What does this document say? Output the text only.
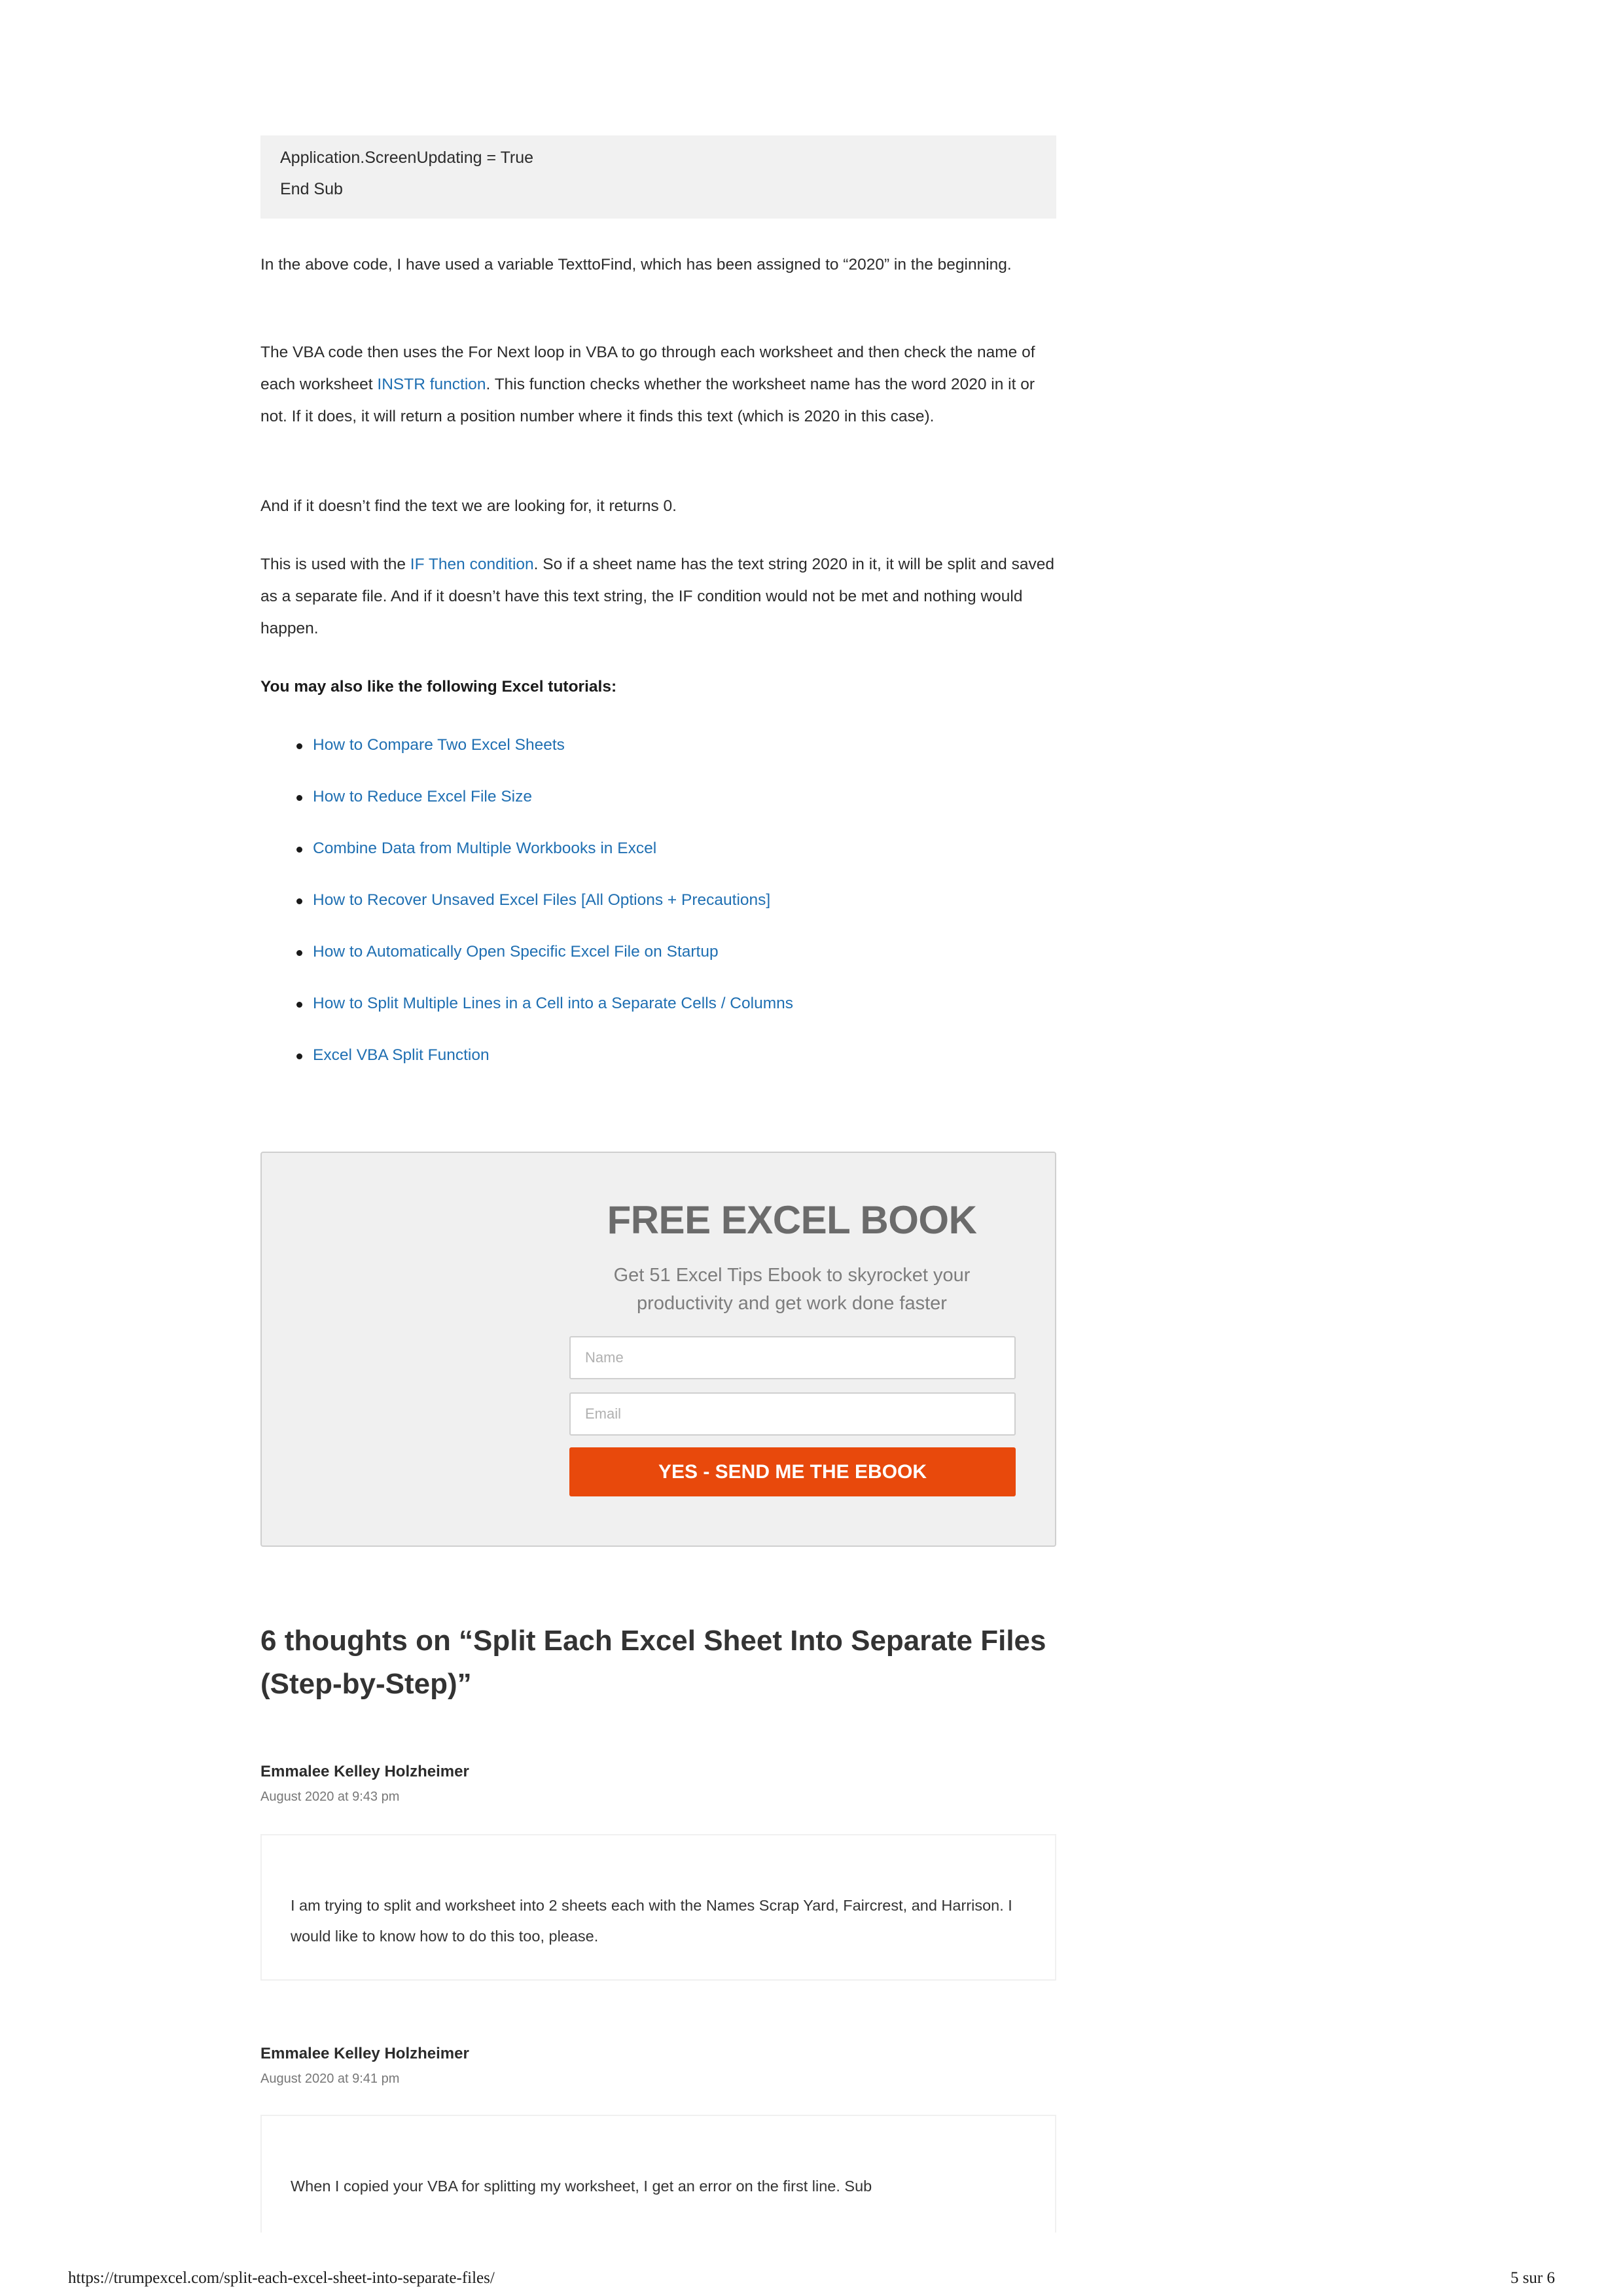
Application.ScreenUpdating = True
End Sub

In the above code, I have used a variable TexttoFind, which has been assigned to “2020” in the beginning.

The VBA code then uses the For Next loop in VBA to go through each worksheet and then check the name of each worksheet INSTR function. This function checks whether the worksheet name has the word 2020 in it or not. If it does, it will return a position number where it finds this text (which is 2020 in this case).

And if it doesn’t find the text we are looking for, it returns 0.

This is used with the IF Then condition. So if a sheet name has the text string 2020 in it, it will be split and saved as a separate file. And if it doesn’t have this text string, the IF condition would not be met and nothing would happen.

You may also like the following Excel tutorials:

How to Compare Two Excel Sheets
How to Reduce Excel File Size
Combine Data from Multiple Workbooks in Excel
How to Recover Unsaved Excel Files [All Options + Precautions]
How to Automatically Open Specific Excel File on Startup
How to Split Multiple Lines in a Cell into a Separate Cells / Columns
Excel VBA Split Function
FREE EXCEL BOOK
Get 51 Excel Tips Ebook to skyrocket your productivity and get work done faster
Name
Email
YES - SEND ME THE EBOOK
6 thoughts on “Split Each Excel Sheet Into Separate Files (Step-by-Step)”
Emmalee Kelley Holzheimer
August 2020 at 9:43 pm
I am trying to split and worksheet into 2 sheets each with the Names Scrap Yard, Faircrest, and Harrison. I would like to know how to do this too, please.
Emmalee Kelley Holzheimer
August 2020 at 9:41 pm
When I copied your VBA for splitting my worksheet, I get an error on the first line. Sub
https://trumpexcel.com/split-each-excel-sheet-into-separate-files/	5 sur 6
